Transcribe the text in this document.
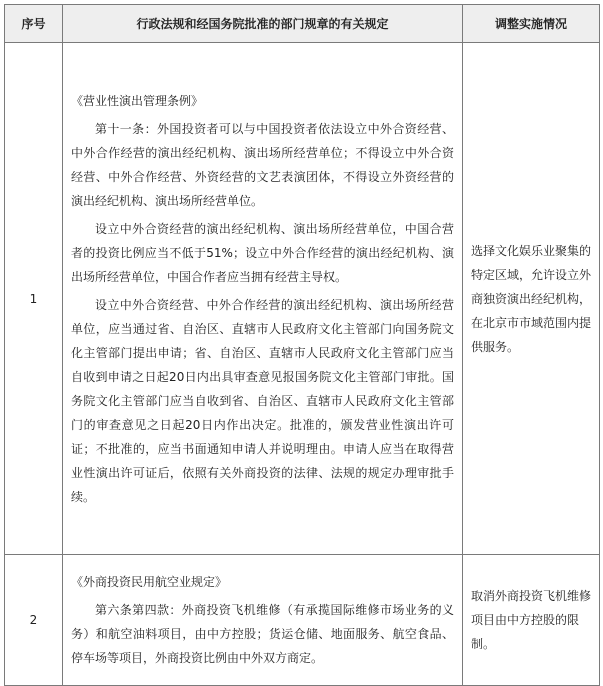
序号	行政法规和经国务院批准的部门规章的有关规定	调整实施情况
1	《营业性演出管理条例》
第十一条：外国投资者可以与中国投资者依法设立中外合资经营、中外合作经营的演出经纪机构、演出场所经营单位；不得设立中外合资经营、中外合作经营、外资经营的文艺表演团体，不得设立外资经营的演出经纪机构、演出场所经营单位。
设立中外合资经营的演出经纪机构、演出场所经营单位，中国合营者的投资比例应当不低于51%；设立中外合作经营的演出经纪机构、演出场所经营单位，中国合作者应当拥有经营主导权。
设立中外合资经营、中外合作经营的演出经纪机构、演出场所经营单位，应当通过省、自治区、直辖市人民政府文化主管部门向国务院文化主管部门提出申请；省、自治区、直辖市人民政府文化主管部门应当自收到申请之日起20日内出具审查意见报国务院文化主管部门审批。国务院文化主管部门应当自收到省、自治区、直辖市人民政府文化主管部门的审查意见之日起20日内作出决定。批准的，颁发营业性演出许可证；不批准的，应当书面通知申请人并说明理由。申请人应当在取得营业性演出许可证后，依照有关外商投资的法律、法规的规定办理审批手续。	选择文化娱乐业聚集的特定区域，允许设立外商独资演出经纪机构，在北京市市域范围内提供服务。
2	《外商投资民用航空业规定》
第六条第四款：外商投资飞机维修（有承揽国际维修市场业务的义务）和航空油料项目，由中方控股；货运仓储、地面服务、航空食品、停车场等项目，外商投资比例由中外双方商定。	取消外商投资飞机维修项目由中方控股的限制。
